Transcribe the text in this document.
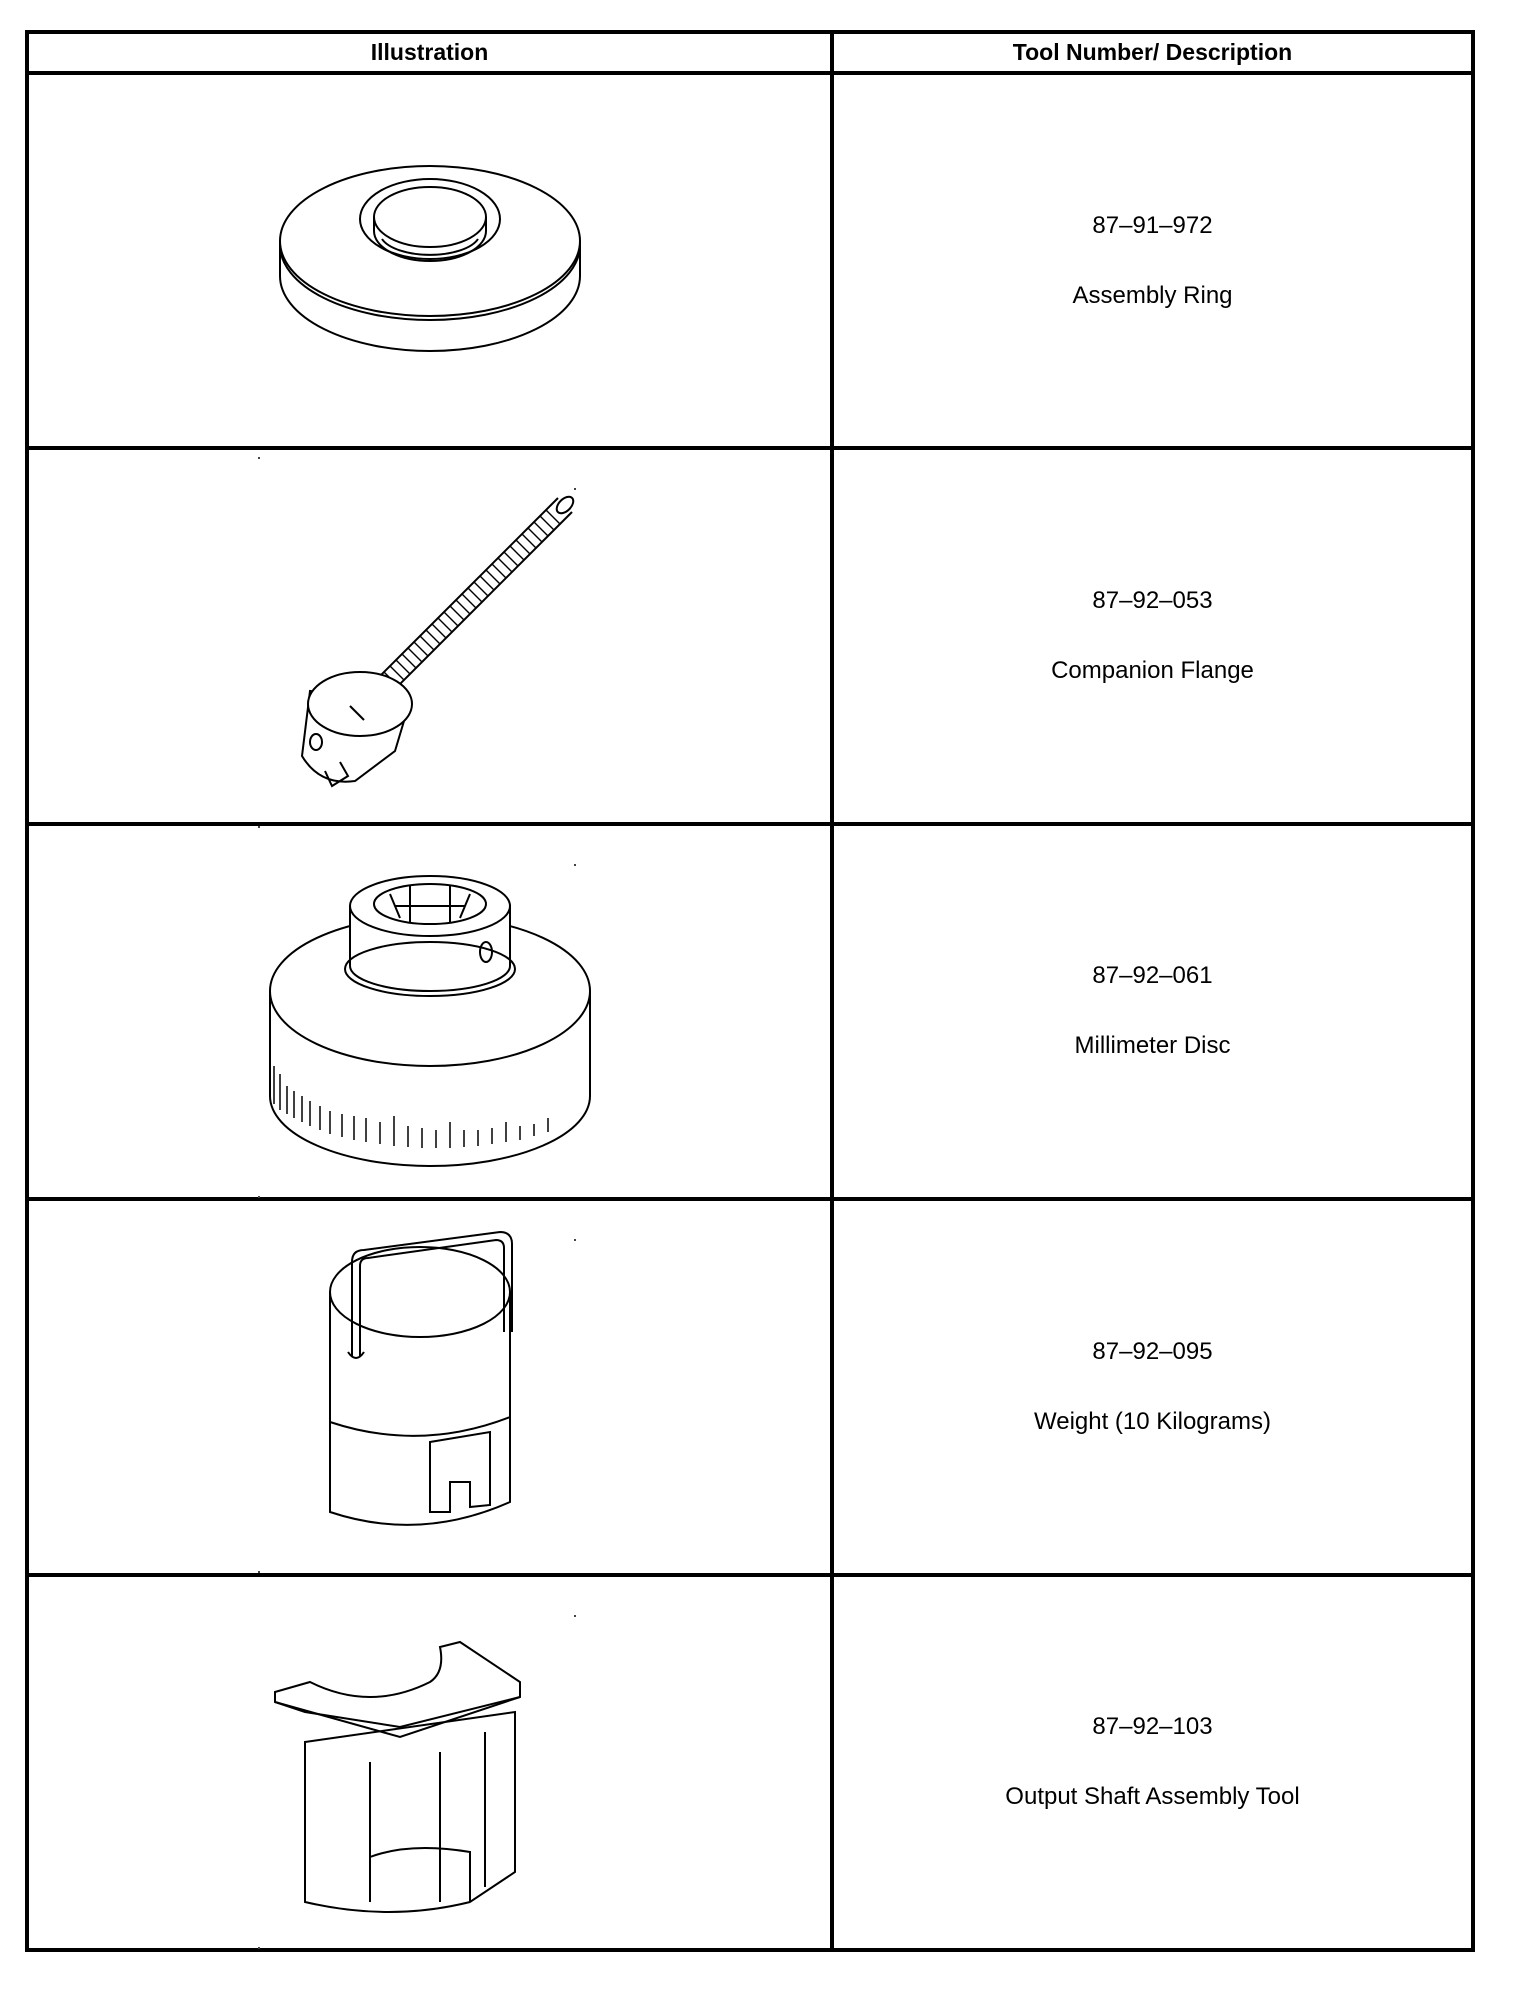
Illustration	Tool Number/ Description

87–91–972
Assembly Ring

87–92–053
Companion Flange

87–92–061
Millimeter Disc

87–92–095
Weight (10 Kilograms)

87–92–103
Output Shaft Assembly Tool
